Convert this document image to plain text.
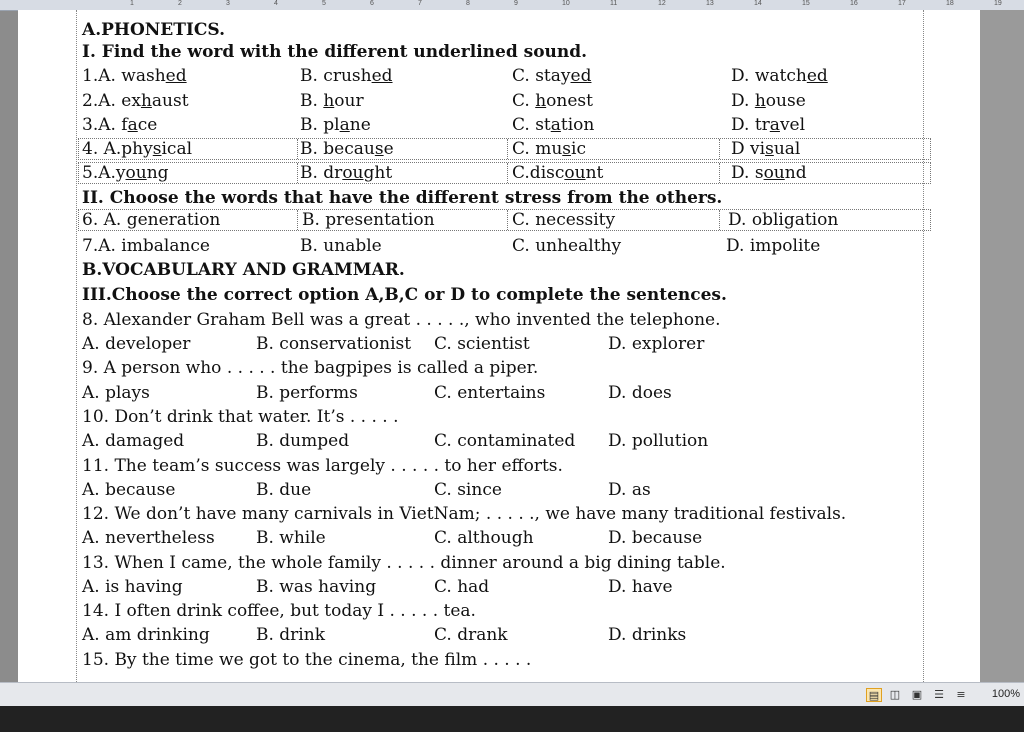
1	2	3	4	5	6	7	8	9	10	11	12	13	14	15	16	17	18	19
A.PHONETICS.
I. Find the word with the different underlined sound.
1.A. washed	B. crushed	C. stayed	D. watched
2.A. exhaust	B. hour	C. honest	D. house
3.A. face	B. plane	C. station	D. travel
4. A.physical	B. because	C. music	D visual
5.A.young	B. drought	C.discount	D. sound
II. Choose the words that have the different stress from the others.
6. A. generation	B. presentation	C. necessity	D. obligation
7.A. imbalance	B. unable	C. unhealthy	D. impolite
B.VOCABULARY AND GRAMMAR.
III.Choose the correct option A,B,C or D to complete the sentences.
8. Alexander Graham Bell was a great . . . . ., who invented the telephone.
A. developer	B. conservationist C. scientist	D. explorer
9. A person who . . . . . the bagpipes is called a piper.
A. plays	B. performs	C. entertains	D. does
10. Don’t drink that water. It’s . . . . .
A. damaged	B. dumped	C. contaminated D. pollution
11. The team’s success was largely . . . . . to her efforts.
A. because	B. due	C. since	D. as
12. We don’t have many carnivals in VietNam; . . . . ., we have many traditional festivals.
A. nevertheless B. while	C. although	D. because
13. When I came, the whole family . . . . . dinner around a big dining table.
A. is having	B. was having	C. had	D. have
14. I often drink coffee, but today I . . . . . tea.
A. am drinking	B. drink	C. drank	D. drinks
15. By the time we got to the cinema, the film . . . . .
▤ ◫ ▣ ☰ ≡ 100%
